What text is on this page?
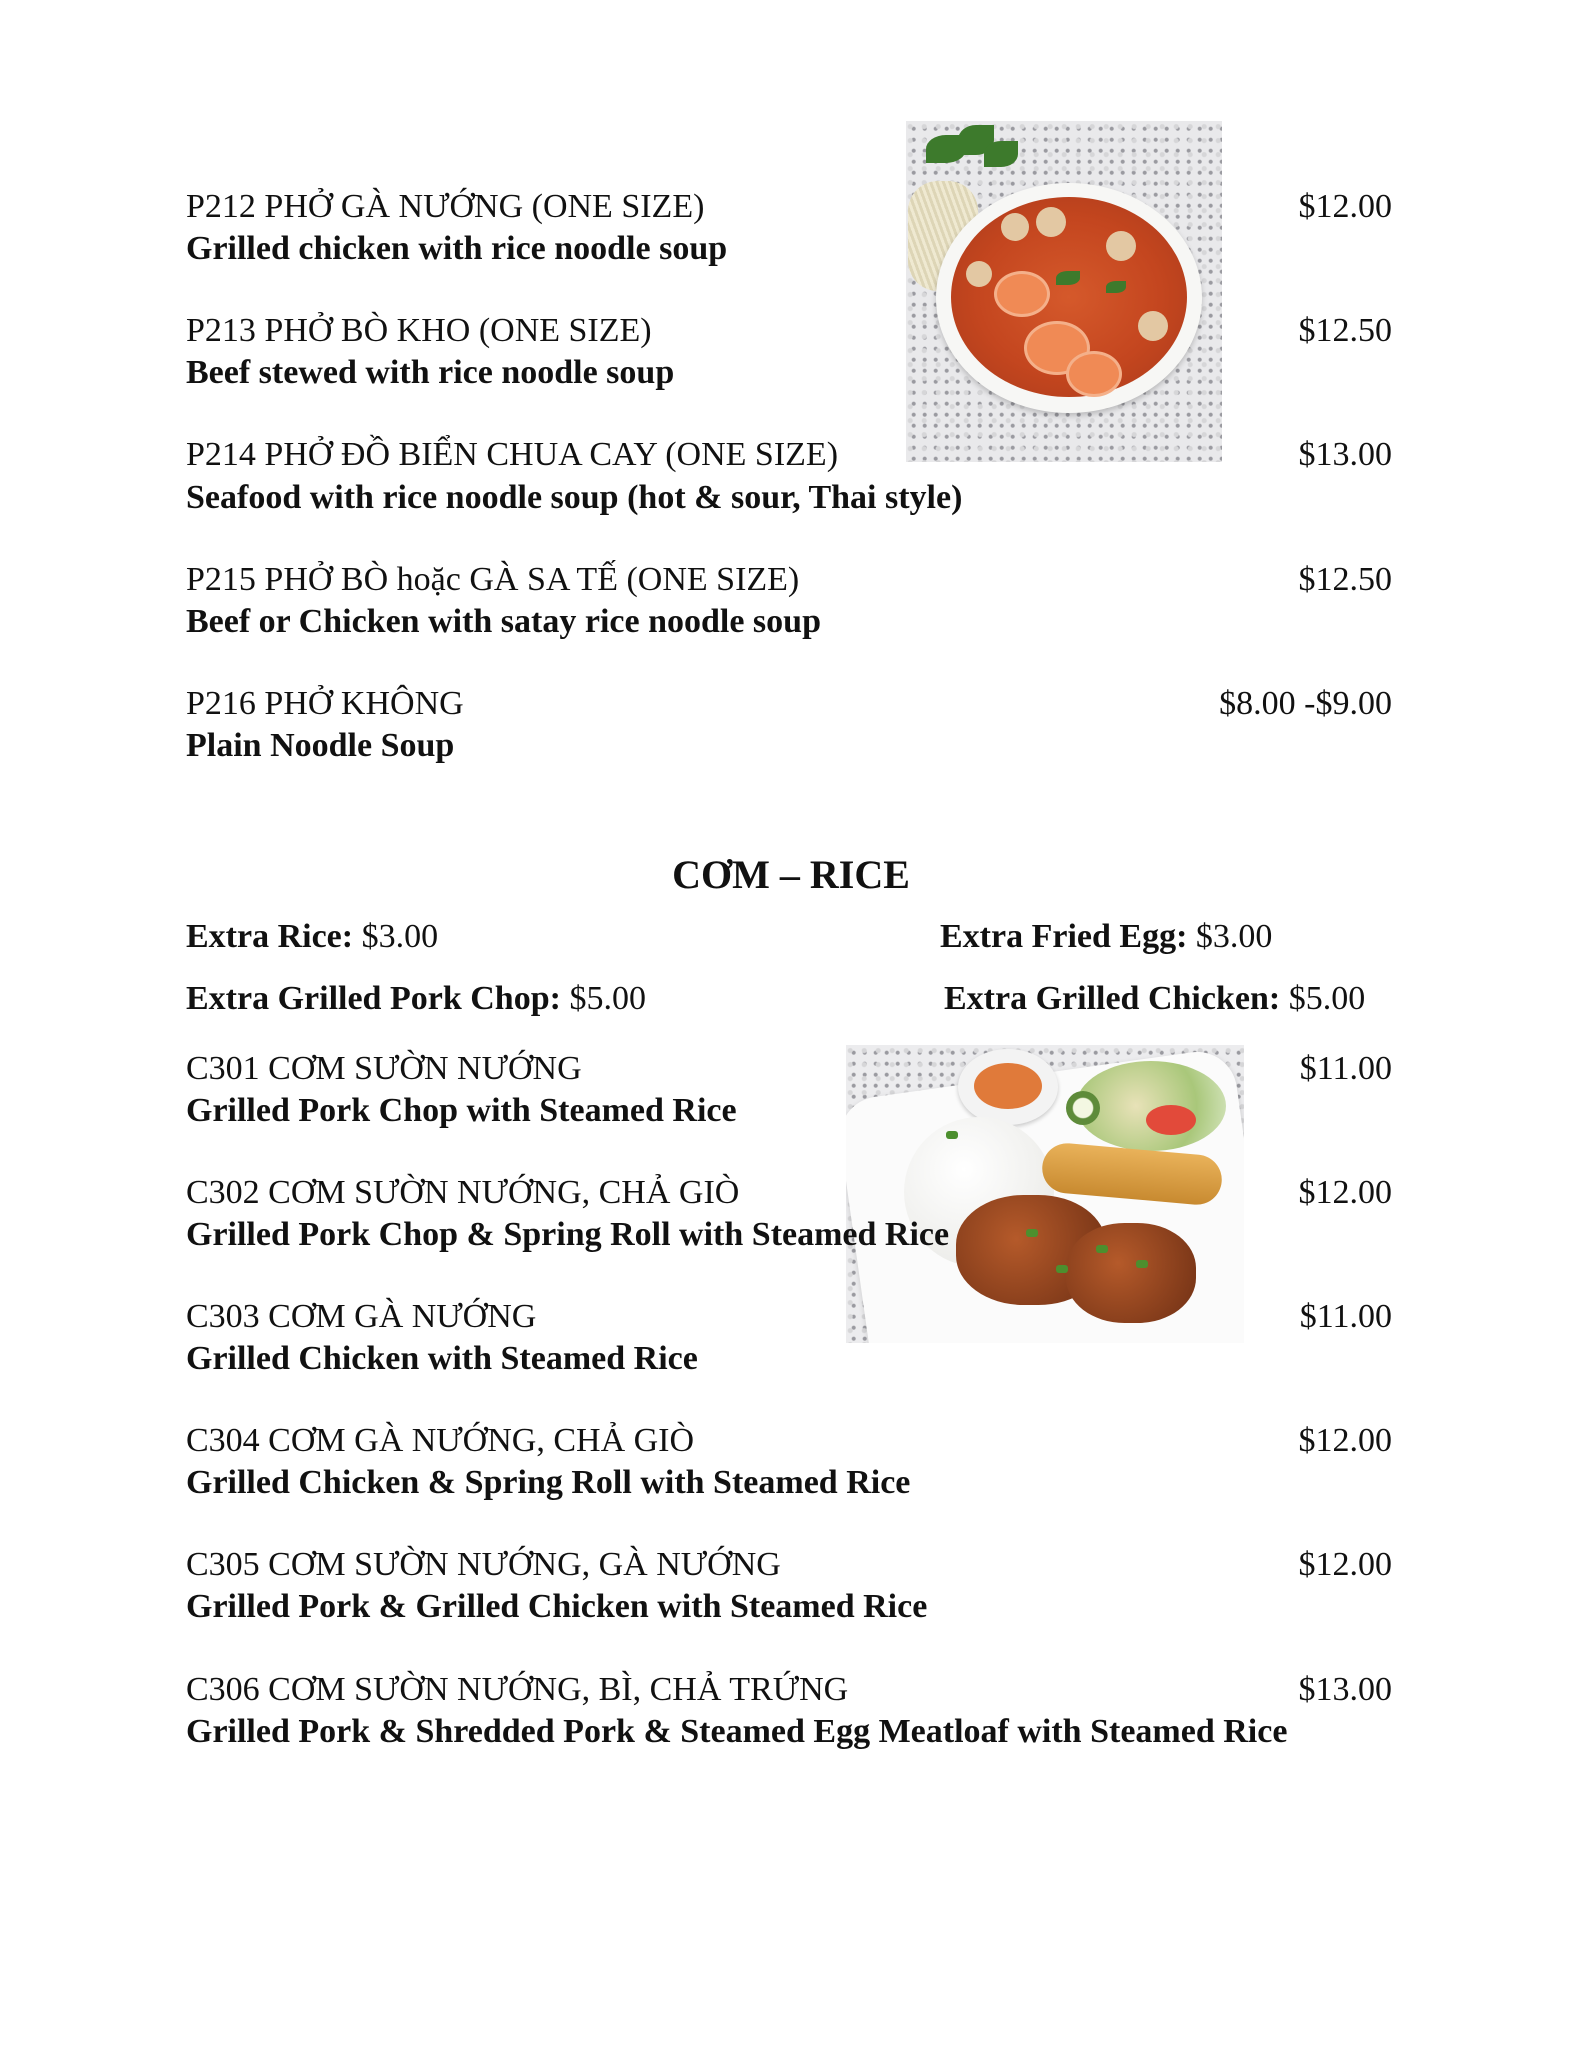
P212 PHỞ GÀ NƯỚNG (ONE SIZE)
Grilled chicken with rice noodle soup
$12.00
P213 PHỞ BÒ KHO (ONE SIZE)
Beef stewed with rice noodle soup
$12.50
P214 PHỞ ĐỒ BIỂN CHUA CAY (ONE SIZE)
Seafood with rice noodle soup (hot & sour, Thai style)
$13.00
P215 PHỞ BÒ hoặc GÀ SA TẾ (ONE SIZE)
Beef or Chicken with satay rice noodle soup
$12.50
P216 PHỞ KHÔNG
Plain Noodle Soup
$8.00 -$9.00
CƠM – RICE
Extra Rice: $3.00	Extra Fried Egg: $3.00
Extra Grilled Pork Chop: $5.00	Extra Grilled Chicken: $5.00
C301 CƠM SƯỜN NƯỚNG
Grilled Pork Chop with Steamed Rice
$11.00
C302 CƠM SƯỜN NƯỚNG, CHẢ GIÒ
Grilled Pork Chop & Spring Roll with Steamed Rice
$12.00
C303 CƠM GÀ NƯỚNG
Grilled Chicken with Steamed Rice
$11.00
C304 CƠM GÀ NƯỚNG, CHẢ GIÒ
Grilled Chicken & Spring Roll with Steamed Rice
$12.00
C305 CƠM SƯỜN NƯỚNG, GÀ NƯỚNG
Grilled Pork & Grilled Chicken with Steamed Rice
$12.00
C306 CƠM SƯỜN NƯỚNG, BÌ, CHẢ TRỨNG
Grilled Pork & Shredded Pork & Steamed Egg Meatloaf with Steamed Rice
$13.00
